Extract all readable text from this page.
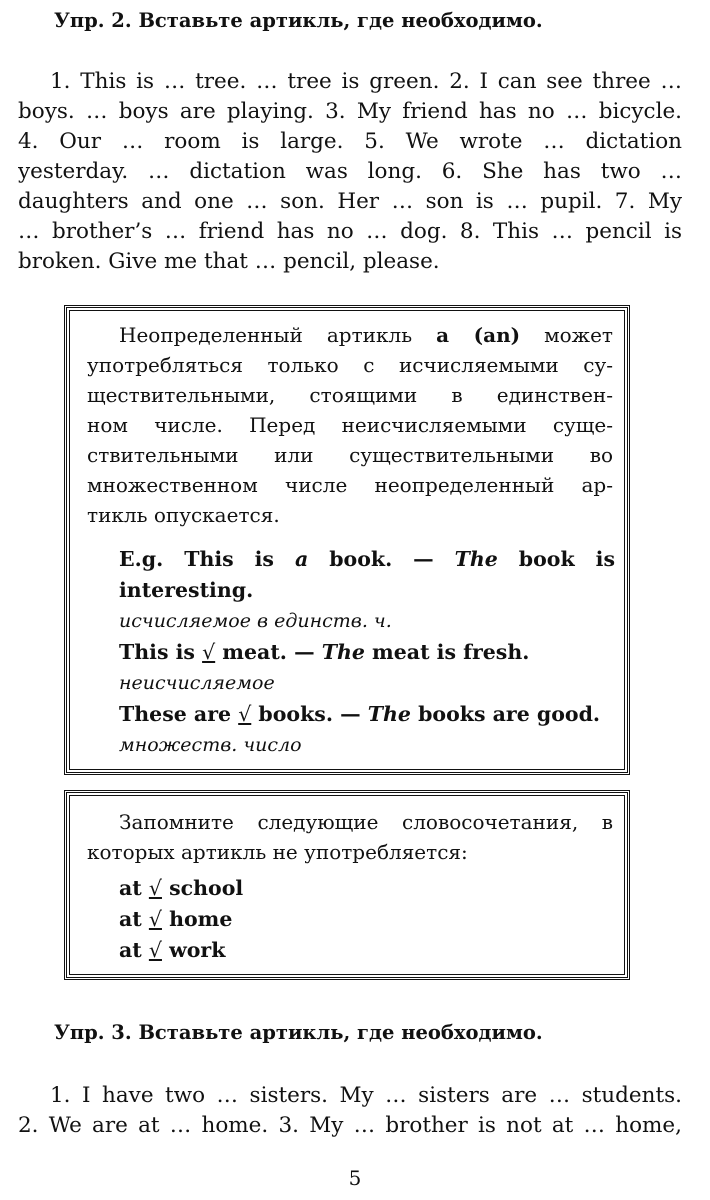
Упр. 2. Вставьте артикль, где необходимо.
1. This is … tree. … tree is green. 2. I can see three …
boys. … boys are playing. 3. My friend has no … bicycle.
4. Our … room is large. 5. We wrote … dictation
yesterday. … dictation was long. 6. She has two …
daughters and one … son. Her … son is … pupil. 7. My
… brother’s … friend has no … dog. 8. This … pencil is
broken. Give me that … pencil, please.
Неопределенный артикль a (an) может
употребляться только с исчисляемыми су-
ществительными, стоящими в единствен-
ном числе. Перед неисчисляемыми суще-
ствительными или существительными во
множественном числе неопределенный ар-
тикль опускается.
E.g. This is a book. — The book is
interesting.
исчисляемое в единств. ч.
This is √ meat. — The meat is fresh.
неисчисляемое
These are √ books. — The books are good.
множеств. число
Запомните следующие словосочетания, в
которых артикль не употребляется:
at √ school
at √ home
at √ work
Упр. 3. Вставьте артикль, где необходимо.
1. I have two … sisters. My … sisters are … students.
2. We are at … home. 3. My … brother is not at … home,
5
